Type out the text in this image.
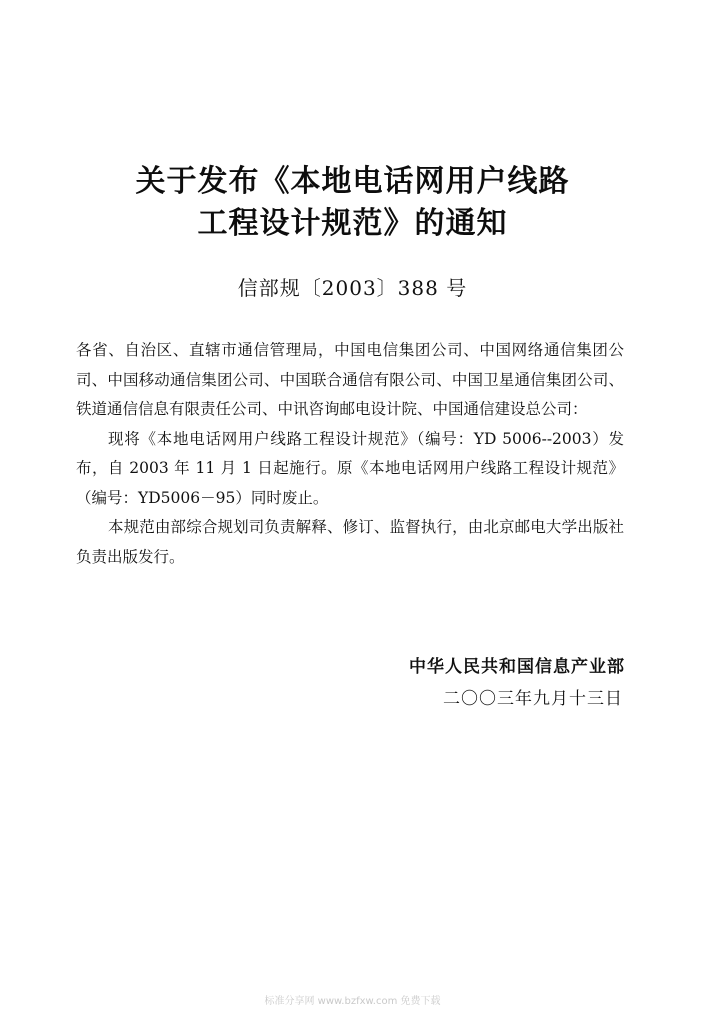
关于发布《本地电话网用户线路
工程设计规范》的通知
信部规〔2003〕388 号

各省、自治区、直辖市通信管理局，中国电信集团公司、中国网络通信集团公司、中国移动通信集团公司、中国联合通信有限公司、中国卫星通信集团公司、铁道通信信息有限责任公司、中讯咨询邮电设计院、中国通信建设总公司：

现将《本地电话网用户线路工程设计规范》（编号：YD 5006--2003）发布，自 2003 年 11 月 1 日起施行。原《本地电话网用户线路工程设计规范》（编号：YD5006－95）同时废止。

本规范由部综合规划司负责解释、修订、监督执行，由北京邮电大学出版社负责出版发行。

中华人民共和国信息产业部
二〇〇三年九月十三日
标准分享网 www.bzfxw.com 免费下载
